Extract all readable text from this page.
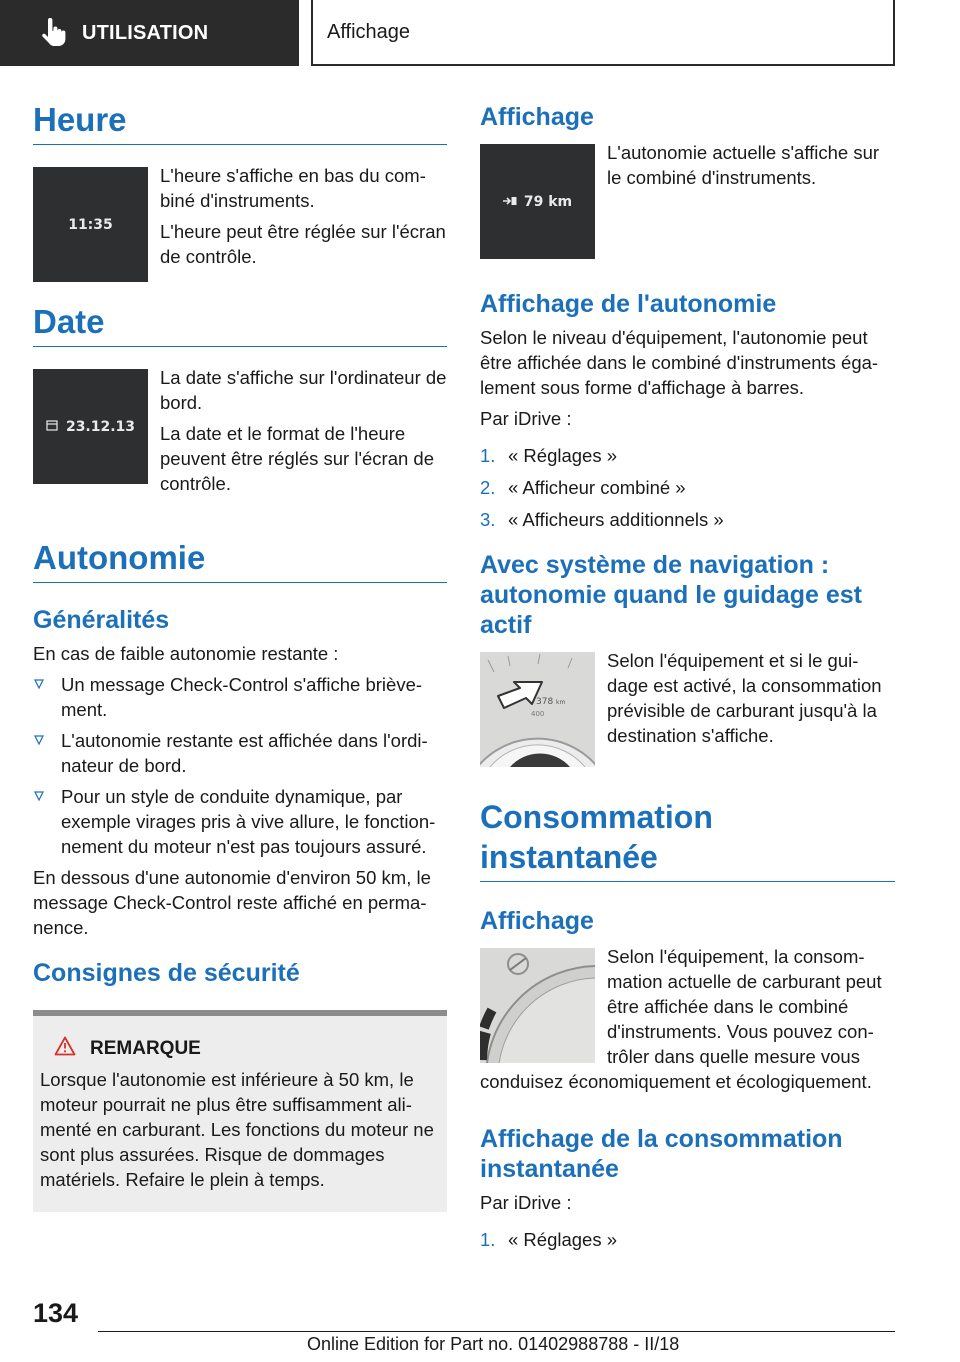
UTILISATION	Affichage
Heure
11:35
L'heure s'affiche en bas du com-biné d'instruments.
L'heure peut être réglée sur l'écran de contrôle.
Date
23.12.13
La date s'affiche sur l'ordinateur de bord.
La date et le format de l'heure peuvent être réglés sur l'écran de contrôle.
Autonomie
Généralités
En cas de faible autonomie restante :
Un message Check-Control s'affiche briève-ment.
L'autonomie restante est affichée dans l'ordi-nateur de bord.
Pour un style de conduite dynamique, par exemple virages pris à vive allure, le fonction-nement du moteur n'est pas toujours assuré.
En dessous d'une autonomie d'environ 50 km, le message Check-Control reste affiché en perma-nence.
Consignes de sécurité
REMARQUE
Lorsque l'autonomie est inférieure à 50 km, le moteur pourrait ne plus être suffisamment ali-menté en carburant. Les fonctions du moteur ne sont plus assurées. Risque de dommages matériels. Refaire le plein à temps.
Affichage
79 km
L'autonomie actuelle s'affiche sur le combiné d'instruments.
Affichage de l'autonomie
Selon le niveau d'équipement, l'autonomie peut être affichée dans le combiné d'instruments éga-lement sous forme d'affichage à barres.
Par iDrive :
1. « Réglages »
2. « Afficheur combiné »
3. « Afficheurs additionnels »
Avec système de navigation : autonomie quand le guidage est actif
378 km
400
Selon l'équipement et si le gui-dage est activé, la consommation prévisible de carburant jusqu'à la destination s'affiche.
Consommation instantanée
Affichage
Selon l'équipement, la consom-mation actuelle de carburant peut être affichée dans le combiné d'instruments. Vous pouvez con-trôler dans quelle mesure vous
conduisez économiquement et écologiquement.
Affichage de la consommation instantanée
Par iDrive :
1. « Réglages »
134
Online Edition for Part no. 01402988788 - II/18
